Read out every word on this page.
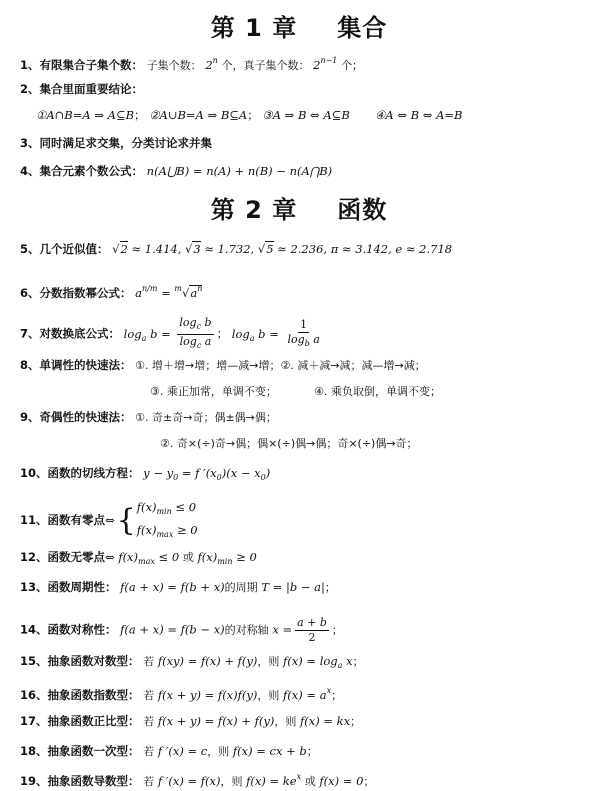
第 1 章 集合
1、有限集合子集个数： 子集个数： 2$^n$ 个，真子集个数： $2^{n-1}$ 个；
2、集合里面重要结论：
①A∩B=A ⇒ A⊆B； ②A∪B=A ⇒ B⊆A； ③A ⇒ B ⇔ A⊆B ④A ⇔ B ⇔ A=B
3、同时满足求交集，分类讨论求并集
4、集合元素个数公式： n(A⋃B) = n(A) + n(B) − n(A⋂B)
第 2 章 函数
5、几个近似值： √2 ≈ 1.414, √3 ≈ 1.732, √5 ≈ 2.236, π ≈ 3.142, e ≈ 2.718
6、分数指数幂公式： $a^{n/m} = ^m√a^n$
7、对数换底公式： $\log_a b = \frac{\log_c b}{\log_c a}$ ； $\log_a b = \frac{1}{\log_b a}$
8、单调性的快速法： ①. 增＋增→增；增—减→增；②. 减＋减→减；减—增→减；
③. 乘正加常，单调不变；	④. 乘负取倒，单调不变；
9、奇偶性的快速法： ①. 奇±奇→奇；偶±偶→偶；
②. 奇×(÷)奇→偶；偶×(÷)偶→偶；奇×(÷)偶→奇；
10、函数的切线方程： $y - y_0 = f$ $'(x_0)(x - x_0)$
11、函数有零点⇔{ $f(x)_{min} \le 0$
$f(x)_{max} \ge 0$
12、函数无零点⇔ $f(x)_{max} \le 0$ 或 $f(x)_{min} \ge 0$
13、函数周期性： f(a + x) = f(b + x)的周期 T = |b − a|；
14、函数对称性： f(a + x) = f(b − x)的对称轴 $x = \frac{a + b}{2}$ ；
15、抽象函数对数型： 若 f(xy) = f(x) + f(y)，则 $f(x) = \log_a x$；
16、抽象函数指数型： 若 f(x + y) = f(x)f(y)，则 $f(x) = a^x$；
17、抽象函数正比型： 若 f(x + y) = f(x) + f(y)，则 f(x) = kx；
18、抽象函数一次型： 若 f ′(x) = c，则 f(x) = cx + b；
19、抽象函数导数型： 若 f ′(x) = f(x)，则 $f(x) = ke^x$ 或 f(x) = 0；
